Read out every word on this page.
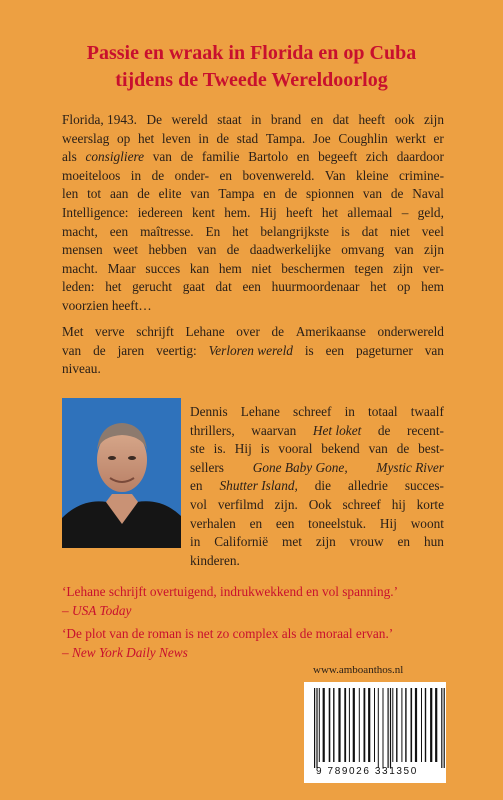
Passie en wraak in Florida en op Cuba
tijdens de Tweede Wereldoorlog
Florida, 1943. De wereld staat in brand en dat heeft ook zijn
weerslag op het leven in de stad Tampa. Joe Coughlin werkt er
als consigliere van de familie Bartolo en begeeft zich daardoor
moeiteloos in de onder- en bovenwereld. Van kleine crimine-
len tot aan de elite van Tampa en de spionnen van de Naval
Intelligence: iedereen kent hem. Hij heeft het allemaal – geld,
macht, een maîtresse. En het belangrijkste is dat niet veel
mensen weet hebben van de daadwerkelijke omvang van zijn
macht. Maar succes kan hem niet beschermen tegen zijn ver-
leden: het gerucht gaat dat een huurmoordenaar het op hem
voorzien heeft…
Met verve schrijft Lehane over de Amerikaanse onderwereld
van de jaren veertig: Verloren wereld is een pageturner van
niveau.
Dennis Lehane schreef in totaal twaalf
thrillers, waarvan Het loket de recent-
ste is. Hij is vooral bekend van de best-
sellers Gone Baby Gone, Mystic River
en Shutter Island, die alledrie succes-
vol verfilmd zijn. Ook schreef hij korte
verhalen en een toneelstuk. Hij woont
in Californië met zijn vrouw en hun
kinderen.
‘Lehane schrijft overtuigend, indrukwekkend en vol spanning.’
– USA Today
‘De plot van de roman is net zo complex als de moraal ervan.’
– New York Daily News
www.amboanthos.nl
9 789026 331350
